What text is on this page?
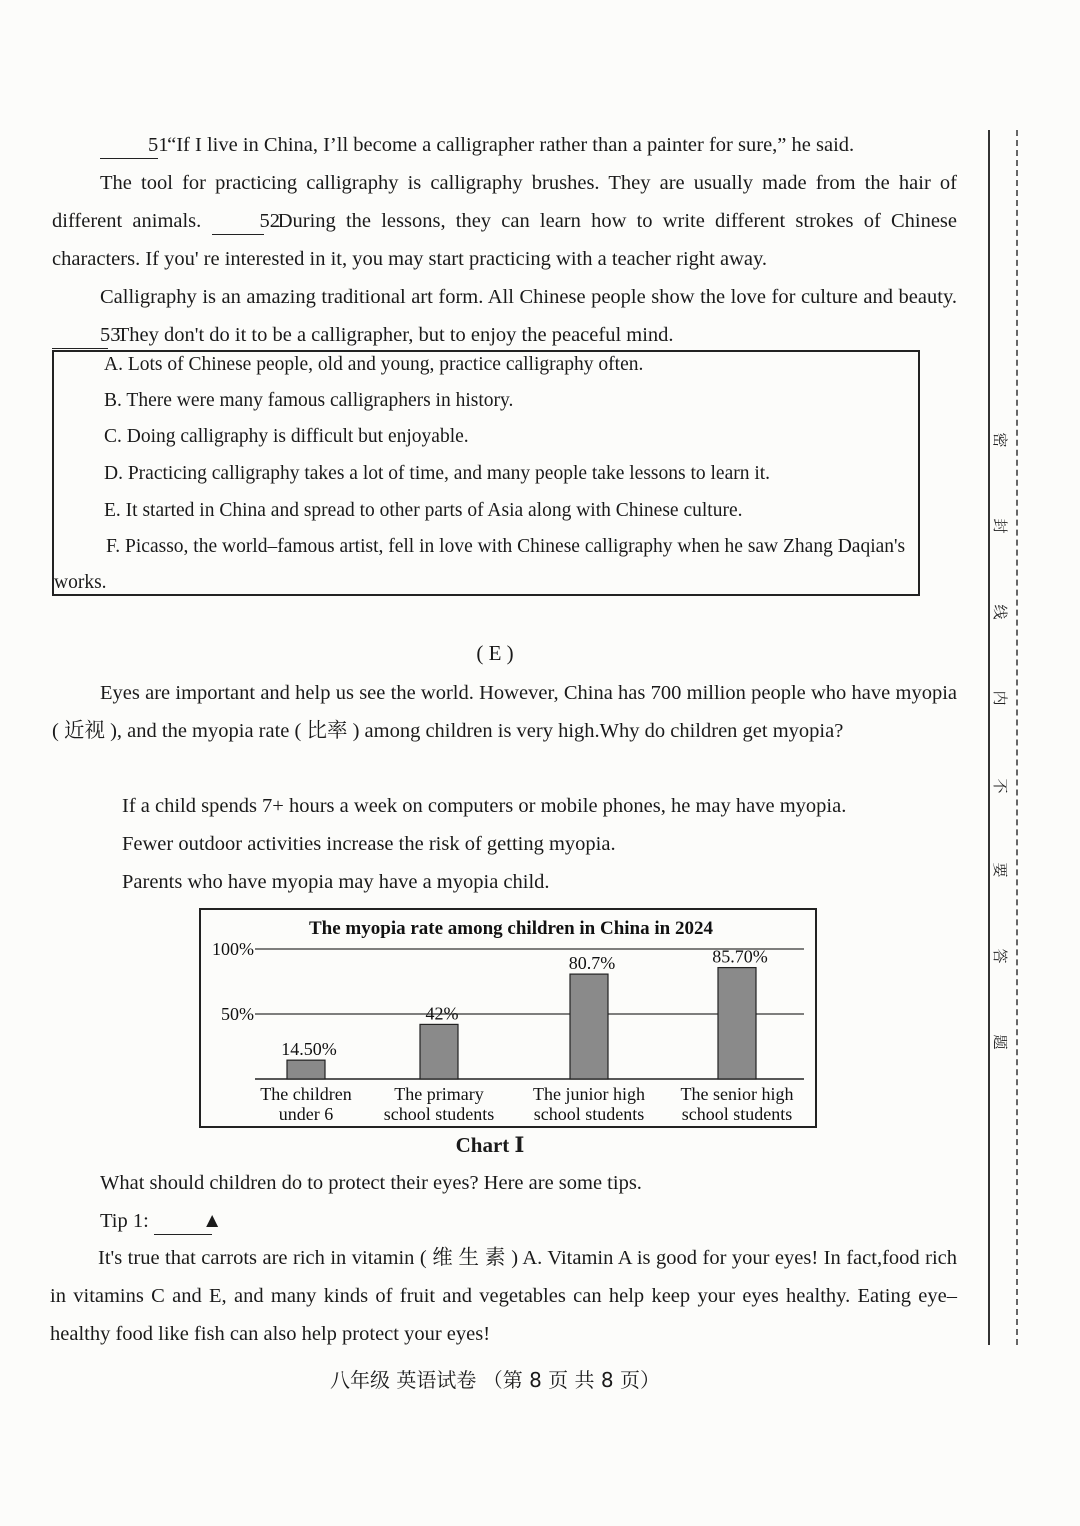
51 “If I live in China, I’ll become a calligrapher rather than a painter for sure,” he said.

The tool for practicing calligraphy is calligraphy brushes. They are usually made from the hair of different animals.	52 During the lessons, they can learn how to write different strokes of Chinese characters. If you' re interested in it, you may start practicing with a teacher right away.

Calligraphy is an amazing traditional art form. All Chinese people show the love for culture and beauty. 53 They don't do it to be a calligrapher, but to enjoy the peaceful mind.

A. Lots of Chinese people, old and young, practice calligraphy often.

B. There were many famous calligraphers in history.

C. Doing calligraphy is difficult but enjoyable.

D. Practicing calligraphy takes a lot of time, and many people take lessons to learn it.

E. It started in China and spread to other parts of Asia along with Chinese culture.

F. Picasso, the world–famous artist, fell in love with Chinese calligraphy when he saw Zhang Daqian's works.

( E )

Eyes are important and help us see the world. However, China has 700 million people who have myopia ( 近视 ), and the myopia rate ( 比率 ) among children is very high.Why do children get myopia?

If a child spends 7+ hours a week on computers or mobile phones, he may have myopia.

Fewer outdoor activities increase the risk of getting myopia.

Parents who have myopia may have a myopia child.

The myopia rate among children in China in 2024
100%
50%
14.50%
The children
under 6
42%
The primary
school students
80.7%
The junior high
school students
85.70%
The senior high
school students
Chart Ⅰ

What should children do to protect their eyes? Here are some tips.

Tip 1:	▲

It's true that carrots are rich in vitamin ( 维 生 素 ) A. Vitamin A is good for your eyes! In fact,food rich in vitamins C and E, and many kinds of fruit and vegetables can help keep your eyes healthy. Eating eye–healthy food like fish can also help protect your eyes!

八年级 英语试卷 （第 8 页 共 8 页）
密
封
线
内
不
要
答
题
